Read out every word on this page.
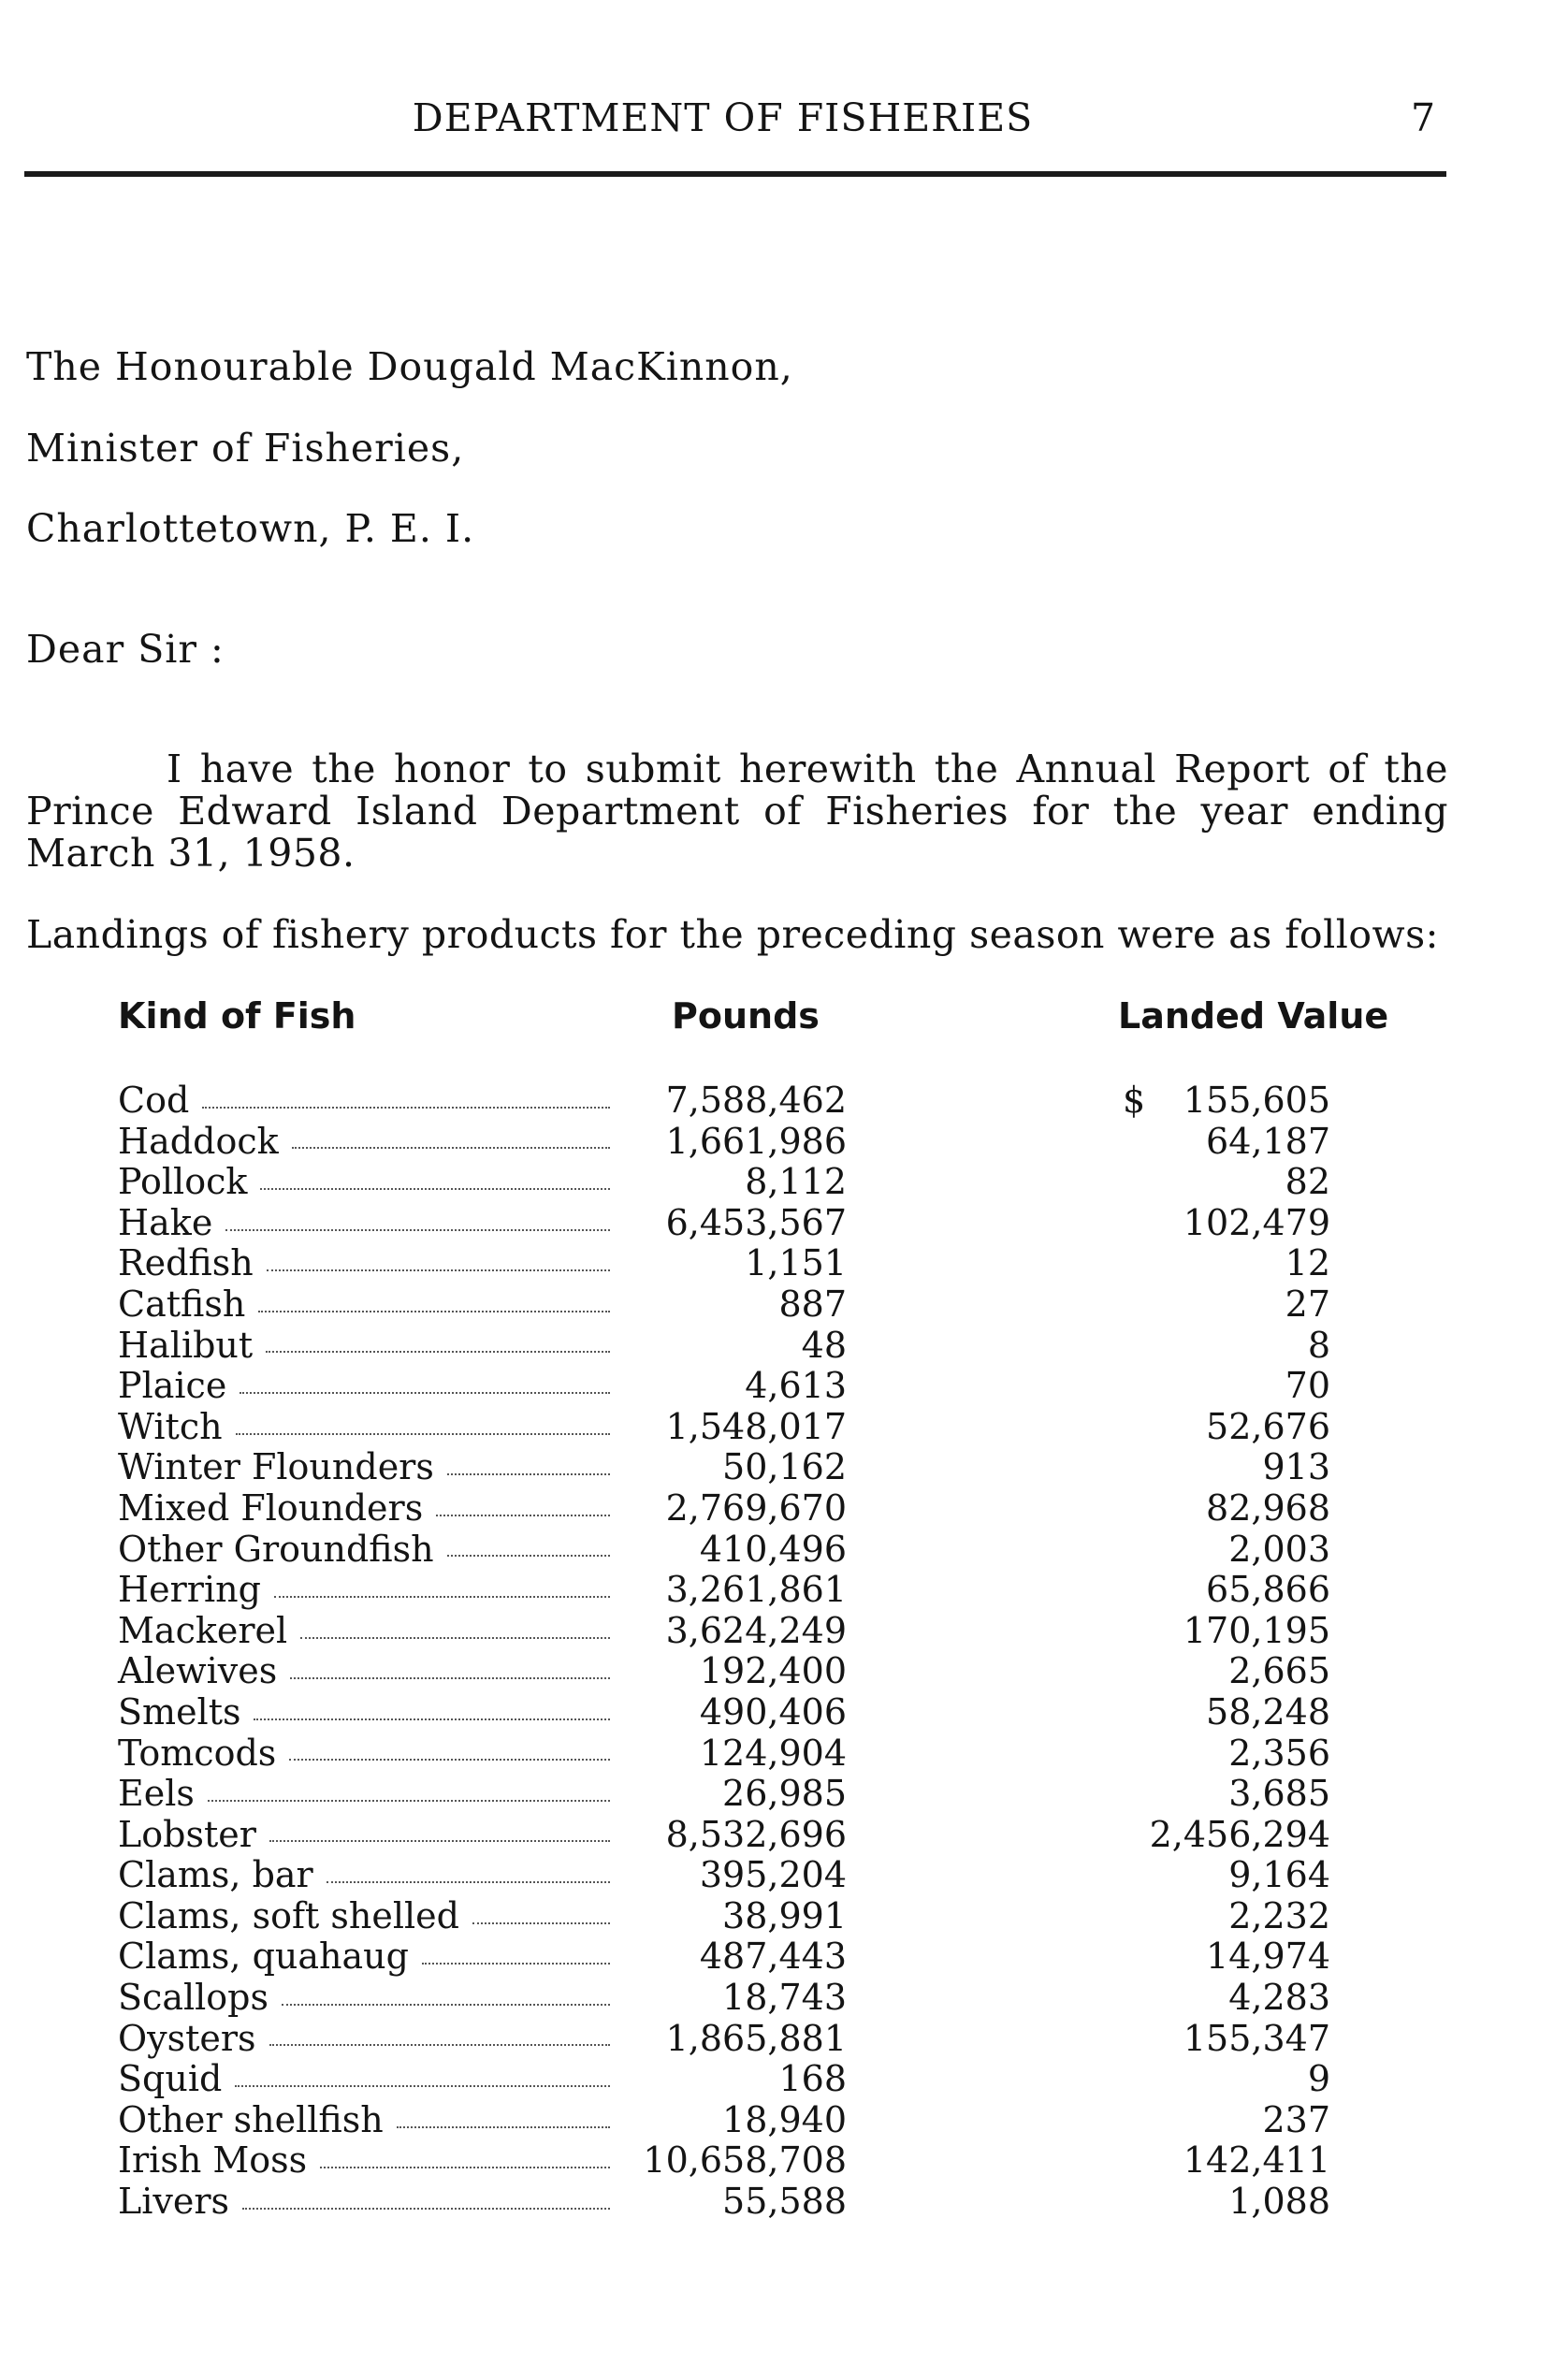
DEPARTMENT OF FISHERIES	7
The Honourable Dougald MacKinnon,
Minister of Fisheries,
Charlottetown, P. E. I.
Dear Sir :
I have the honor to submit herewith the Annual Report of the Prince Edward Island Department of Fisheries for the year ending March 31, 1958.
Landings of fishery products for the preceding season were as follows:
Kind of Fish	Pounds	Landed Value
Cod	7,588,462	$ 155,605
Haddock	1,661,986	64,187
Pollock	8,112	82
Hake	6,453,567	102,479
Redfish	1,151	12
Catfish	887	27
Halibut	48	8
Plaice	4,613	70
Witch	1,548,017	52,676
Winter Flounders	50,162	913
Mixed Flounders	2,769,670	82,968
Other Groundfish	410,496	2,003
Herring	3,261,861	65,866
Mackerel	3,624,249	170,195
Alewives	192,400	2,665
Smelts	490,406	58,248
Tomcods	124,904	2,356
Eels	26,985	3,685
Lobster	8,532,696	2,456,294
Clams, bar	395,204	9,164
Clams, soft shelled	38,991	2,232
Clams, quahaug	487,443	14,974
Scallops	18,743	4,283
Oysters	1,865,881	155,347
Squid	168	9
Other shellfish	18,940	237
Irish Moss	10,658,708	142,411
Livers	55,588	1,088
